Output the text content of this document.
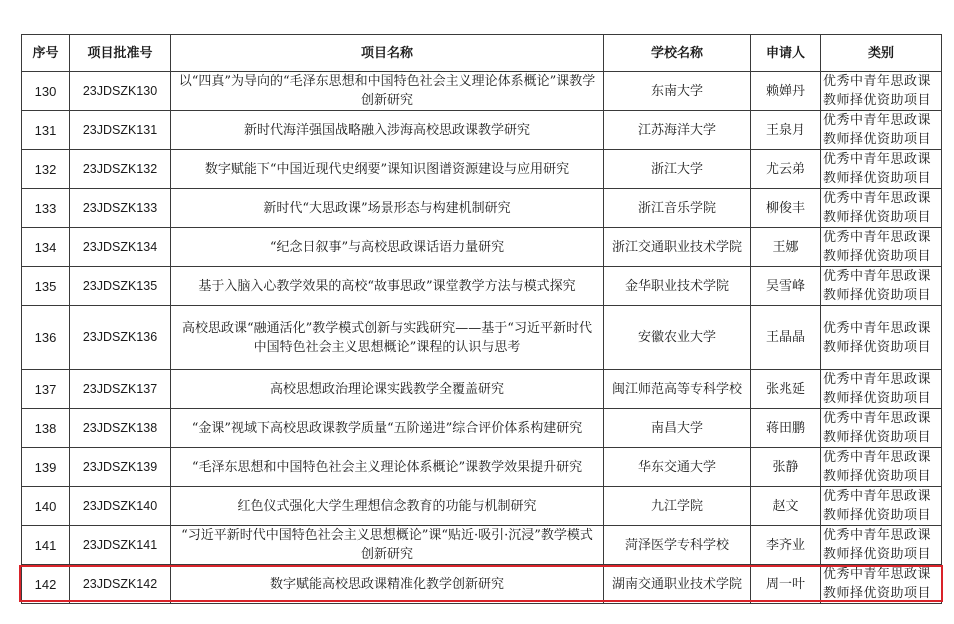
序号	项目批准号	项目名称	学校名称	申请人	类别
130	23JDSZK130	以“四真”为导向的“毛泽东思想和中国特色社会主义理论体系概论”课教学创新研究	东南大学	赖婵丹	优秀中青年思政课教师择优资助项目
131	23JDSZK131	新时代海洋强国战略融入涉海高校思政课教学研究	江苏海洋大学	王泉月	优秀中青年思政课教师择优资助项目
132	23JDSZK132	数字赋能下“中国近现代史纲要”课知识图谱资源建设与应用研究	浙江大学	尤云弟	优秀中青年思政课教师择优资助项目
133	23JDSZK133	新时代“大思政课”场景形态与构建机制研究	浙江音乐学院	柳俊丰	优秀中青年思政课教师择优资助项目
134	23JDSZK134	“纪念日叙事”与高校思政课话语力量研究	浙江交通职业技术学院	王娜	优秀中青年思政课教师择优资助项目
135	23JDSZK135	基于入脑入心教学效果的高校“故事思政”课堂教学方法与模式探究	金华职业技术学院	吴雪峰	优秀中青年思政课教师择优资助项目
136	23JDSZK136	高校思政课“融通活化”教学模式创新与实践研究——基于“习近平新时代中国特色社会主义思想概论”课程的认识与思考	安徽农业大学	王晶晶	优秀中青年思政课教师择优资助项目
137	23JDSZK137	高校思想政治理论课实践教学全覆盖研究	闽江师范高等专科学校	张兆延	优秀中青年思政课教师择优资助项目
138	23JDSZK138	“金课”视域下高校思政课教学质量“五阶递进”综合评价体系构建研究	南昌大学	蒋田鹏	优秀中青年思政课教师择优资助项目
139	23JDSZK139	“毛泽东思想和中国特色社会主义理论体系概论”课教学效果提升研究	华东交通大学	张静	优秀中青年思政课教师择优资助项目
140	23JDSZK140	红色仪式强化大学生理想信念教育的功能与机制研究	九江学院	赵文	优秀中青年思政课教师择优资助项目
141	23JDSZK141	“习近平新时代中国特色社会主义思想概论”课“贴近·吸引·沉浸”教学模式创新研究	菏泽医学专科学校	李齐业	优秀中青年思政课教师择优资助项目
142	23JDSZK142	数字赋能高校思政课精准化教学创新研究	湖南交通职业技术学院	周一叶	优秀中青年思政课教师择优资助项目
